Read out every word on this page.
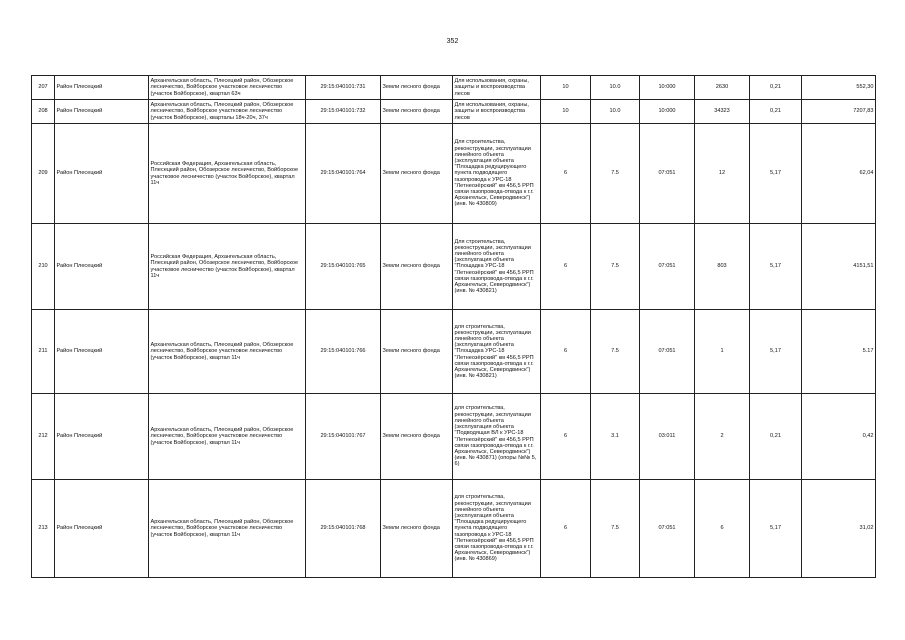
352
207	Район Плесецкий	Архангельская область, Плесецкий район, Обозерское лесничество, Войборское участковое лесничество (участок Войборское), квартал 63ч	29:15:040101:731	Земли лесного фонда	Для использования, охраны, защиты и воспроизводства лесов	10	10.0	10:000	2630	0,21	552,30
208	Район Плесецкий	Архангельская область, Плесецкий район, Обозерское лесничество, Войборское участковое лесничество (участок Войборское), кварталы 18ч-20ч, 37ч	29:15:040101:732	Земли лесного фонда	Для использования, охраны, защиты и воспроизводства лесов	10	10.0	10:000	34323	0,21	7207,83
209	Район Плесецкий	Российская Федерация, Архангельская область, Плесецкий район, Обозерское лесничество, Войборское участковое лесничество (участок Войборское), квартал 11ч	29:15:040101:764	Земли лесного фонда	Для строительства, реконструкции, эксплуатации линейного объекта (эксплуатация объекта "Площадка редуцирующего пункта подводящего газопровода к УРС-18 "Летнеозёрский" км 456,5 РРП связи газопровода-отвода к г.г. Архангельск, Северодвинск") (инв. № 430809)	6	7.5	07:051	12	5,17	62,04
210	Район Плесецкий	Российская Федерация, Архангельская область, Плесецкий район, Обозерское лесничество, Войборское участковое лесничество (участок Войборское), квартал 11ч	29:15:040101:765	Земли лесного фонда	Для строительства, реконструкции, эксплуатации линейного объекта (эксплуатация объекта "Площадка УРС-18 "Летнеозёрский" км 456,5 РРП связи газопровода-отвода к г.г. Архангельск, Северодвинск") (инв. № 430821)	6	7.5	07:051	803	5,17	4151,51
211	Район Плесецкий	Архангельская область, Плесецкий район, Обозерское лесничество, Войборское участковое лесничество (участок Войборское), квартал 11ч	29:15:040101:766	Земли лесного фонда	для строительства, реконструкции, эксплуатации линейного объекта (эксплуатация объекта "Площадка УРС-18 "Летнеозёрский" км 456,5 РРП связи газопровода-отвода к г.г. Архангельск, Северодвинск") (инв. № 430821)	6	7.5	07:051	1	5,17	5.17
212	Район Плесецкий	Архангельская область, Плесецкий район, Обозерское лесничество, Войборское участковое лесничество (участок Войборское), квартал 11ч	29:15:040101:767	Земли лесного фонда	для строительства, реконструкции, эксплуатации линейного объекта (эксплуатация объекта "Подводящая ВЛ к УРС-18 "Летнеозёрский" км 456,5 РРП связи газопровода-отвода к г.г. Архангельск, Северодвинск") (инв. № 430871) (опоры №№ 5, 6)	6	3.1	03:011	2	0,21	0,42
213	Район Плесецкий	Архангельская область, Плесецкий район, Обозерское лесничество, Войборское участковое лесничество (участок Войборское), квартал 11ч	29:15:040101:768	Земли лесного фонда	для строительства, реконструкции, эксплуатации линейного объекта (эксплуатация объекта "Площадка редуцирующего пункта подводящего газопровода к УРС-18 "Летнеозёрский" км 456,5 РРП связи газопровода-отвода к г.г. Архангельск, Северодвинск") (инв. № 430869)	6	7.5	07:051	6	5,17	31,02
